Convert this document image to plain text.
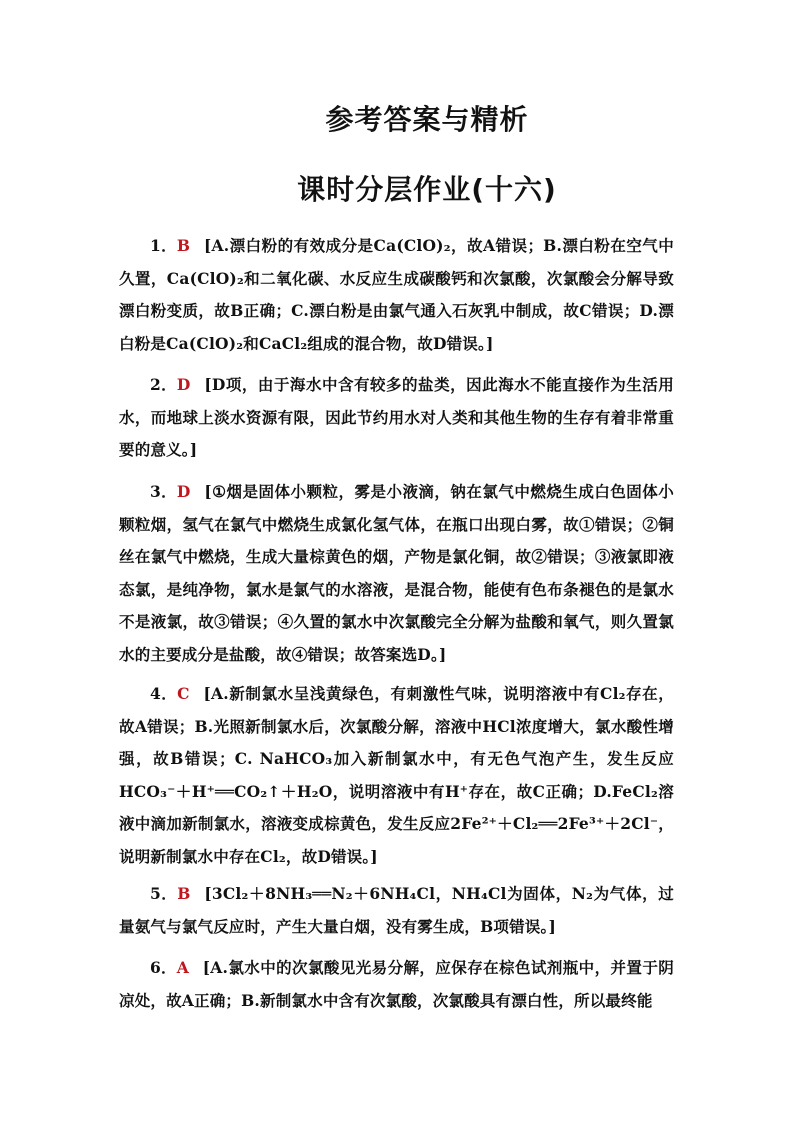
参考答案与精析
课时分层作业(十六)
1．B [A.漂白粉的有效成分是Ca(ClO)₂，故A错误；B.漂白粉在空气中久置，Ca(ClO)₂和二氧化碳、水反应生成碳酸钙和次氯酸，次氯酸会分解导致漂白粉变质，故B正确；C.漂白粉是由氯气通入石灰乳中制成，故C错误；D.漂白粉是Ca(ClO)₂和CaCl₂组成的混合物，故D错误。]
2．D [D项，由于海水中含有较多的盐类，因此海水不能直接作为生活用水，而地球上淡水资源有限，因此节约用水对人类和其他生物的生存有着非常重要的意义。]
3．D [①烟是固体小颗粒，雾是小液滴，钠在氯气中燃烧生成白色固体小颗粒烟，氢气在氯气中燃烧生成氯化氢气体，在瓶口出现白雾，故①错误；②铜丝在氯气中燃烧，生成大量棕黄色的烟，产物是氯化铜，故②错误；③液氯即液态氯，是纯净物，氯水是氯气的水溶液，是混合物，能使有色布条褪色的是氯水不是液氯，故③错误；④久置的氯水中次氯酸完全分解为盐酸和氧气，则久置氯水的主要成分是盐酸，故④错误；故答案选D。]
4．C [A.新制氯水呈浅黄绿色，有刺激性气味，说明溶液中有Cl₂存在，故A错误；B.光照新制氯水后，次氯酸分解，溶液中HCl浓度增大，氯水酸性增强，故B错误；C. NaHCO₃加入新制氯水中，有无色气泡产生，发生反应HCO₃⁻＋H⁺══CO₂↑＋H₂O，说明溶液中有H⁺存在，故C正确；D.FeCl₂溶液中滴加新制氯水，溶液变成棕黄色，发生反应2Fe²⁺＋Cl₂══2Fe³⁺＋2Cl⁻，说明新制氯水中存在Cl₂，故D错误。]
5．B [3Cl₂＋8NH₃══N₂＋6NH₄Cl，NH₄Cl为固体，N₂为气体，过量氨气与氯气反应时，产生大量白烟，没有雾生成，B项错误。]
6．A [A.氯水中的次氯酸见光易分解，应保存在棕色试剂瓶中，并置于阴凉处，故A正确；B.新制氯水中含有次氯酸，次氯酸具有漂白性，所以最终能
